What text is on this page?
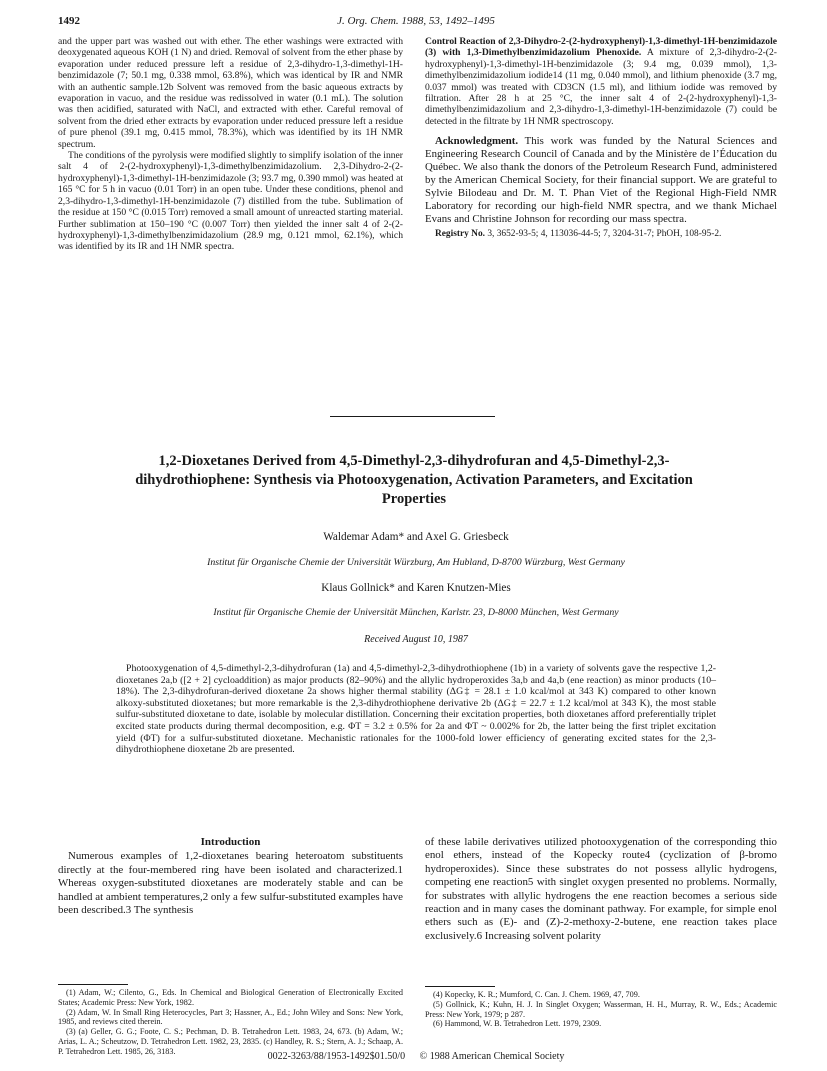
1492	J. Org. Chem. 1988, 53, 1492–1495

and the upper part was washed out with ether. The ether washings were extracted with deoxygenated aqueous KOH (1 N) and dried. Removal of solvent from the ether phase by evaporation under reduced pressure left a residue of 2,3-dihydro-1,3-dimethyl-1H-benzimidazole (7; 50.1 mg, 0.338 mmol, 63.8%), which was identical by IR and NMR with an authentic sample.12b Solvent was removed from the basic aqueous extracts by evaporation in vacuo, and the residue was redissolved in water (0.1 mL). The solution was then acidified, saturated with NaCl, and extracted with ether. Careful removal of solvent from the dried ether extracts by evaporation under reduced pressure left a residue of pure phenol (39.1 mg, 0.415 mmol, 78.3%), which was identified by its 1H NMR spectrum.

The conditions of the pyrolysis were modified slightly to simplify isolation of the inner salt 4 of 2-(2-hydroxyphenyl)-1,3-dimethylbenzimidazolium. 2,3-Dihydro-2-(2-hydroxyphenyl)-1,3-dimethyl-1H-benzimidazole (3; 93.7 mg, 0.390 mmol) was heated at 165 °C for 5 h in vacuo (0.01 Torr) in an open tube. Under these conditions, phenol and 2,3-dihydro-1,3-dimethyl-1H-benzimidazole (7) distilled from the tube. Sublimation of the residue at 150 °C (0.015 Torr) removed a small amount of unreacted starting material. Further sublimation at 150–190 °C (0.007 Torr) then yielded the inner salt 4 of 2-(2-hydroxyphenyl)-1,3-dimethylbenzimidazolium (28.9 mg, 0.121 mmol, 62.1%), which was identified by its IR and 1H NMR spectra.

Control Reaction of 2,3-Dihydro-2-(2-hydroxyphenyl)-1,3-dimethyl-1H-benzimidazole (3) with 1,3-Dimethylbenzimidazolium Phenoxide. A mixture of 2,3-dihydro-2-(2-hydroxyphenyl)-1,3-dimethyl-1H-benzimidazole (3; 9.4 mg, 0.039 mmol), 1,3-dimethylbenzimidazolium iodide14 (11 mg, 0.040 mmol), and lithium phenoxide (3.7 mg, 0.037 mmol) was treated with CD3CN (1.5 ml), and lithium iodide was removed by filtration. After 28 h at 25 °C, the inner salt 4 of 2-(2-hydroxyphenyl)-1,3-dimethylbenzimidazolium and 2,3-dihydro-1,3-dimethyl-1H-benzimidazole (7) could be detected in the filtrate by 1H NMR spectroscopy.

Acknowledgment. This work was funded by the Natural Sciences and Engineering Research Council of Canada and by the Ministère de l’Éducation du Québec. We also thank the donors of the Petroleum Research Fund, administered by the American Chemical Society, for their financial support. We are grateful to Sylvie Bilodeau and Dr. M. T. Phan Viet of the Regional High-Field NMR Laboratory for recording our high-field NMR spectra, and we thank Michael Evans and Christine Johnson for recording our mass spectra.

Registry No. 3, 3652-93-5; 4, 113036-44-5; 7, 3204-31-7; PhOH, 108-95-2.

1,2-Dioxetanes Derived from 4,5-Dimethyl-2,3-dihydrofuran and 4,5-Dimethyl-2,3-dihydrothiophene: Synthesis via Photooxygenation, Activation Parameters, and Excitation Properties
Waldemar Adam* and Axel G. Griesbeck
Institut für Organische Chemie der Universität Würzburg, Am Hubland, D-8700 Würzburg, West Germany
Klaus Gollnick* and Karen Knutzen-Mies
Institut für Organische Chemie der Universität München, Karlstr. 23, D-8000 München, West Germany
Received August 10, 1987

Photooxygenation of 4,5-dimethyl-2,3-dihydrofuran (1a) and 4,5-dimethyl-2,3-dihydrothiophene (1b) in a variety of solvents gave the respective 1,2-dioxetanes 2a,b ([2 + 2] cycloaddition) as major products (82–90%) and the allylic hydroperoxides 3a,b and 4a,b (ene reaction) as minor products (10–18%). The 2,3-dihydrofuran-derived dioxetane 2a shows higher thermal stability (ΔG‡ = 28.1 ± 1.0 kcal/mol at 343 K) compared to other known alkoxy-substituted dioxetanes; but more remarkable is the 2,3-dihydrothiophene derivative 2b (ΔG‡ = 22.7 ± 1.2 kcal/mol at 343 K), the most stable sulfur-substituted dioxetane to date, isolable by molecular distillation. Concerning their excitation properties, both dioxetanes afford preferentially triplet excited state products during thermal decomposition, e.g. ΦT = 3.2 ± 0.5% for 2a and ΦT ~ 0.002% for 2b, the latter being the first triplet excitation yield (ΦT) for a sulfur-substituted dioxetane. Mechanistic rationales for the 1000-fold lower efficiency of generating excited states for the 2,3-dihydrothiophene dioxetane 2b are presented.

Introduction

Numerous examples of 1,2-dioxetanes bearing heteroatom substituents directly at the four-membered ring have been isolated and characterized.1 Whereas oxygen-substituted dioxetanes are moderately stable and can be handled at ambient temperatures,2 only a few sulfur-substituted examples have been described.3 The synthesis

of these labile derivatives utilized photooxygenation of the corresponding thio enol ethers, instead of the Kopecky route4 (cyclization of β-bromo hydroperoxides). Since these substrates do not possess allylic hydrogens, competing ene reaction5 with singlet oxygen presented no problems. Normally, for substrates with allylic hydrogens the ene reaction becomes a serious side reaction and in many cases the dominant pathway. For example, for simple enol ethers such as (E)- and (Z)-2-methoxy-2-butene, ene reaction takes place exclusively.6 Increasing solvent polarity

(1) Adam, W.; Cilento, G., Eds. In Chemical and Biological Generation of Electronically Excited States; Academic Press: New York, 1982.

(2) Adam, W. In Small Ring Heterocycles, Part 3; Hassner, A., Ed.; John Wiley and Sons: New York, 1985, and reviews cited therein.

(3) (a) Geller, G. G.; Foote, C. S.; Pechman, D. B. Tetrahedron Lett. 1983, 24, 673. (b) Adam, W.; Arias, L. A.; Scheutzow, D. Tetrahedron Lett. 1982, 23, 2835. (c) Handley, R. S.; Stern, A. J.; Schaap, A. P. Tetrahedron Lett. 1985, 26, 3183.

(4) Kopecky, K. R.; Mumford, C. Can. J. Chem. 1969, 47, 709.

(5) Gollnick, K.; Kuhn, H. J. In Singlet Oxygen; Wasserman, H. H., Murray, R. W., Eds.; Academic Press: New York, 1979; p 287.

(6) Hammond, W. B. Tetrahedron Lett. 1979, 2309.

0022-3263/88/1953-1492$01.50/0 © 1988 American Chemical Society
